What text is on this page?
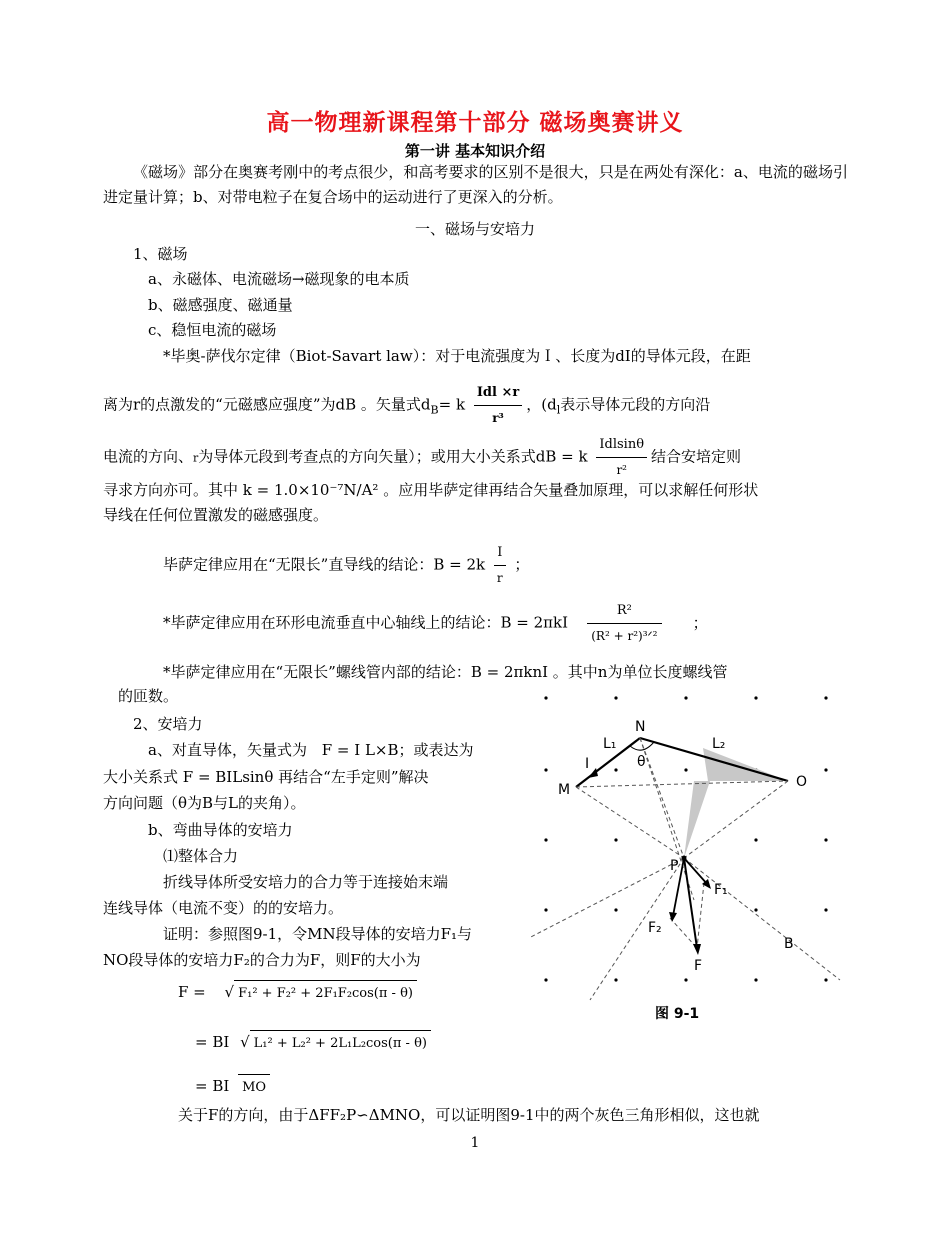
高一物理新课程第十部分 磁场奥赛讲义
第一讲 基本知识介绍
《磁场》部分在奥赛考刚中的考点很少，和高考要求的区别不是很大，只是在两处有深化：a、电流的磁场引进定量计算；b、对带电粒子在复合场中的运动进行了更深入的分析。
一、磁场与安培力
1、磁场
a、永磁体、电流磁场→磁现象的电本质
b、磁感强度、磁通量
c、稳恒电流的磁场
*毕奥-萨伐尔定律（Biot-Savart law）：对于电流强度为Ｉ、长度为dI的导体元段，在距
离为r的点激发的“元磁感应强度”为dB 。矢量式$d_B= k \frac{\text{Idl ×r}}{\text{r³}}$ ，($d_l$表示导体元段的方向沿
电流的方向、r为导体元段到考查点的方向矢量）；或用大小关系式dB = k $\frac{\text{Idlsinθ}}{\text{r²}}$ 结合安培定则
寻求方向亦可。其中 k = 1.0×10⁻⁷N/A² 。应用毕萨定律再结合矢量叠加原理，可以求解任何形状
导线在任何位置激发的磁感强度。
毕萨定律应用在“无限长”直导线的结论：$B = 2k \frac{I}{r}$ ；
*毕萨定律应用在环形电流垂直中心轴线上的结论：$B = 2\pi kI \frac{\text{R²}}{\text{(R² + r²)³ᐟ²}}$ ；
*毕萨定律应用在“无限长”螺线管内部的结论：B = 2πknI 。其中n为单位长度螺线管
的匝数。
2、安培力
a、对直导体，矢量式为 F = I L×B；或表达为
大小关系式 F = BILsinθ 再结合“左手定则”解决
方向问题（θ为B与L的夹角）。
b、弯曲导体的安培力
⑴整体合力
折线导体所受安培力的合力等于连接始末端
连线导体（电流不变）的的安培力。
证明：参照图9-1，令MN段导体的安培力F₁与
NO段导体的安培力F₂的合力为F，则F的大小为
F = √ F₁² + F₂² + 2F₁F₂cos(π - θ)
= BI √ L₁² + L₂² + 2L₁L₂cos(π - θ)
= BI MO
关于F的方向，由于ΔFF₂P∽ΔMNO，可以证明图9-1中的两个灰色三角形相似，这也就
1
N
M	O
P
L₁	L₂
θ
I
F₁
F₂
F
B
图 9-1
